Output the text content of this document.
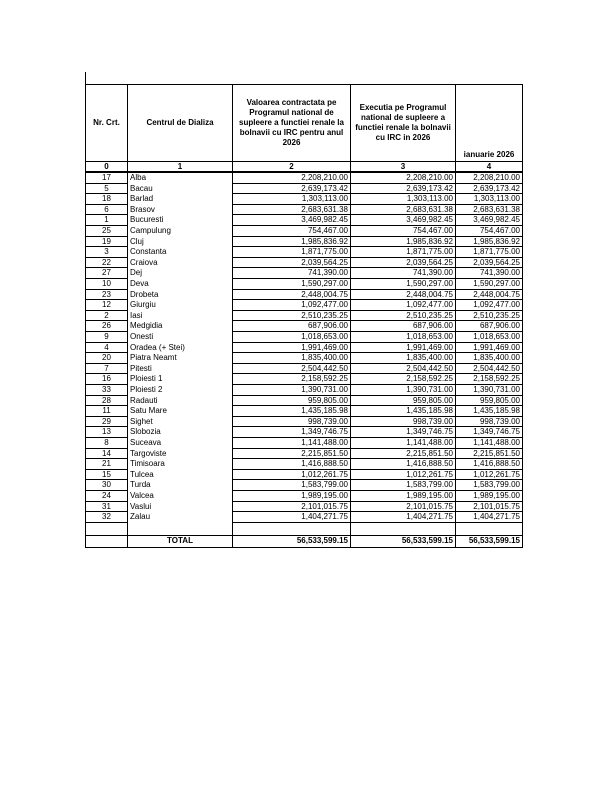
Nr. Crt.	Centrul de Dializa	Valoarea contractata pe Programul national de supleere a functiei renale la bolnavii cu IRC pentru anul 2026	Executia pe Programul national de supleere a functiei renale la bolnavii cu IRC in 2026	
				ianuarie 2026
0	1	2	3	4
17	Alba	2,208,210.00	2,208,210.00	2,208,210.00
5	Bacau	2,639,173.42	2,639,173.42	2,639,173.42
18	Barlad	1,303,113.00	1,303,113.00	1,303,113.00
6	Brasov	2,683,631.38	2,683,631.38	2,683,631.38
1	Bucuresti	3,469,982.45	3,469,982.45	3,469,982.45
25	Campulung	754,467.00	754,467.00	754,467.00
19	Cluj	1,985,836.92	1,985,836.92	1,985,836.92
3	Constanta	1,871,775.00	1,871,775.00	1,871,775.00
22	Craiova	2,039,564.25	2,039,564.25	2,039,564.25
27	Dej	741,390.00	741,390.00	741,390.00
10	Deva	1,590,297.00	1,590,297.00	1,590,297.00
23	Drobeta	2,448,004.75	2,448,004.75	2,448,004.75
12	Giurgiu	1,092,477.00	1,092,477.00	1,092,477.00
2	Iasi	2,510,235.25	2,510,235.25	2,510,235.25
26	Medgidia	687,906.00	687,906.00	687,906.00
9	Onesti	1,018,653.00	1,018,653.00	1,018,653.00
4	Oradea (+ Stei)	1,991,469.00	1,991,469.00	1,991,469.00
20	Piatra Neamt	1,835,400.00	1,835,400.00	1,835,400.00
7	Pitesti	2,504,442.50	2,504,442.50	2,504,442.50
16	Ploiesti 1	2,158,592.25	2,158,592.25	2,158,592.25
33	Ploiesti 2	1,390,731.00	1,390,731.00	1,390,731.00
28	Radauti	959,805.00	959,805.00	959,805.00
11	Satu Mare	1,435,185.98	1,435,185.98	1,435,185.98
29	Sighet	998,739.00	998,739.00	998,739.00
13	Slobozia	1,349,746.75	1,349,746.75	1,349,746.75
8	Suceava	1,141,488.00	1,141,488.00	1,141,488.00
14	Targoviste	2,215,851.50	2,215,851.50	2,215,851.50
21	Timisoara	1,416,888.50	1,416,888.50	1,416,888.50
15	Tulcea	1,012,261.75	1,012,261.75	1,012,261.75
30	Turda	1,583,799.00	1,583,799.00	1,583,799.00
24	Valcea	1,989,195.00	1,989,195.00	1,989,195.00
31	Vaslui	2,101,015.75	2,101,015.75	2,101,015.75
32	Zalau	1,404,271.75	1,404,271.75	1,404,271.75

	TOTAL	56,533,599.15	56,533,599.15	56,533,599.15
